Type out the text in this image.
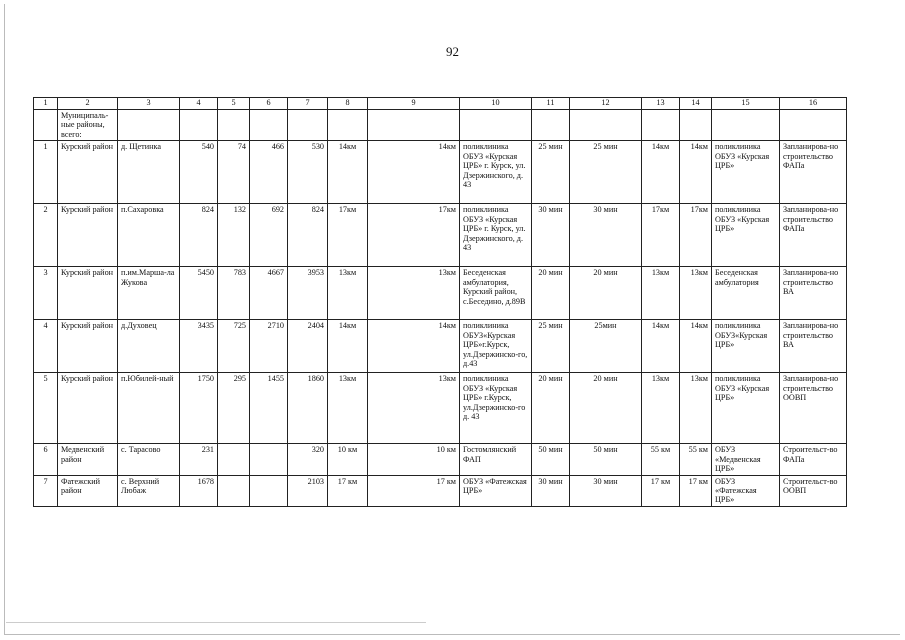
92
1	2	3	4	5	6	7	8	9	10	11	12	13	14	15	16
	Муниципаль-ные районы, всего:														
1	Курский район	д. Щетинка	540	74	466	530	14км	14км	поликлиника ОБУЗ «Курская ЦРБ» г. Курск, ул. Дзержинского, д. 43	25 мин	25 мин	14км	14км	поликлиника ОБУЗ «Курская ЦРБ»	Запланирова-но строительство ФАПа
2	Курский район	п.Сахаровка	824	132	692	824	17км	17км	поликлиника ОБУЗ «Курская ЦРБ» г. Курск, ул. Дзержинского, д. 43	30 мин	30 мин	17км	17км	поликлиника ОБУЗ «Курская ЦРБ»	Запланирова-но строительство ФАПа
3	Курский район	п.им.Марша-ла Жукова	5450	783	4667	3953	13км	13км	Беседенская амбулатория, Курский район, с.Беседино, д.89В	20 мин	20 мин	13км	13км	Беседенская амбулатория	Запланирова-но строительство ВА
4	Курский район	д.Духовец	3435	725	2710	2404	14км	14км	поликлиника ОБУЗ«Курская ЦРБ»г.Курск, ул.Дзержинско-го, д.43	25 мин	25мин	14км	14км	поликлиника ОБУЗ«Курская ЦРБ»	Запланирова-но строительство ВА
5	Курский район	п.Юбилей-ный	1750	295	1455	1860	13км	13км	поликлиника ОБУЗ «Курская ЦРБ» г.Курск, ул.Дзержинско-го д. 43	20 мин	20 мин	13км	13км	поликлиника ОБУЗ «Курская ЦРБ»	Запланирова-но строительство ООВП
6	Медвенский район	с. Тарасово	231			320	10 км	10 км	Гостомлянский ФАП	50 мин	50 мин	55 км	55 км	ОБУЗ «Медвенская ЦРБ»	Строительст-во ФАПа
7	Фатежский район	с. Верхний Любаж	1678			2103	17 км	17 км	ОБУЗ «Фатежская ЦРБ»	30 мин	30 мин	17 км	17 км	ОБУЗ «Фатежская ЦРБ»	Строительст-во ООВП
